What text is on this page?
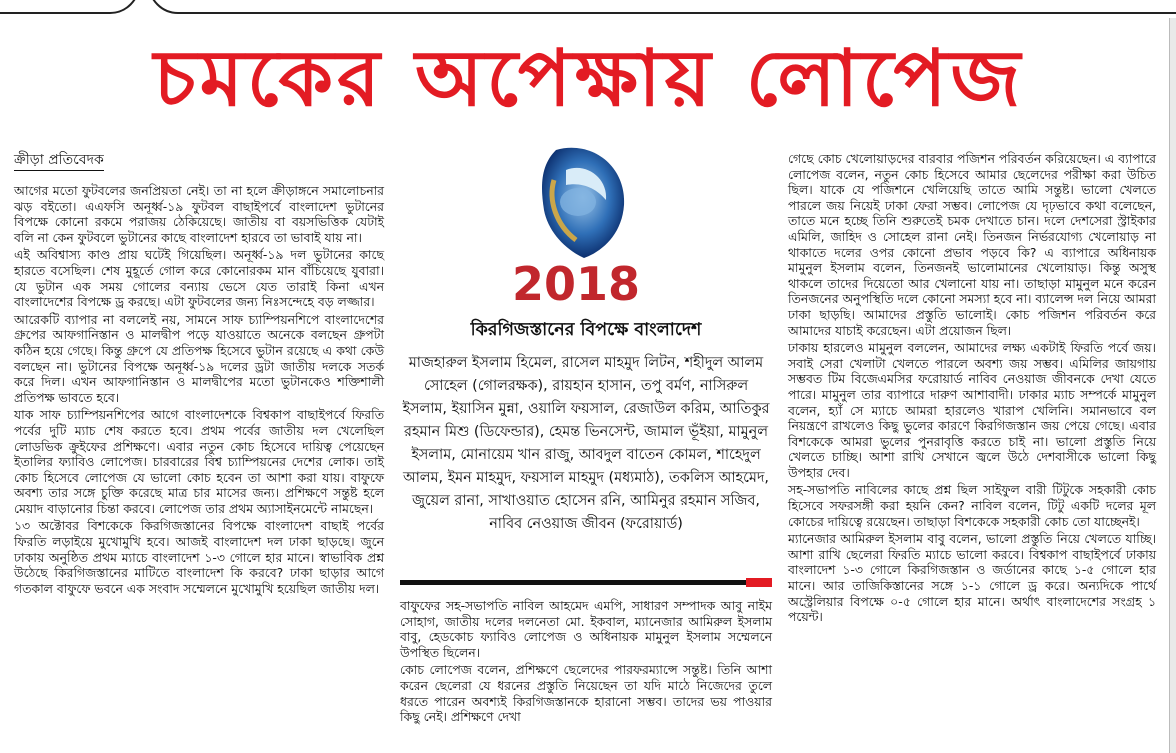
চমকের অপেক্ষায় লোপেজ
ক্রীড়া প্রতিবেদক

আগের মতো ফুটবলের জনপ্রিয়তা নেই। তা না হলে ক্রীড়াঙ্গনে সমালোচনার ঝড় বইতো। এএফসি অনূর্ধ্ব-১৯ ফুটবল বাছাইপর্বে বাংলাদেশ ভুটানের বিপক্ষে কোনো রকমে পরাজয় ঠেকিয়েছে। জাতীয় বা বয়সভিত্তিক যেটাই বলি না কেন ফুটবলে ভুটানের কাছে বাংলাদেশ হারবে তা ভাবাই যায় না।

এই অবিশ্বাস্য কাণ্ড প্রায় ঘটেই গিয়েছিল। অনূর্ধ্ব-১৯ দল ভুটানের কাছে হারতে বসেছিল। শেষ মুহূর্তে গোল করে কোনোরকম মান বাঁচিয়েছে যুবারা। যে ভুটান এক সময় গোলের বন্যায় ভেসে যেত তারাই কিনা এখন বাংলাদেশের বিপক্ষে ড্র করছে। এটা ফুটবলের জন্য নিঃসন্দেহে বড় লজ্জার।

আরেকটি ব্যাপার না বললেই নয়, সামনে সাফ চ্যাম্পিয়নশিপে বাংলাদেশের গ্রুপের আফগানিস্তান ও মালদ্বীপ পড়ে যাওয়াতে অনেকে বলছেন গ্রুপটা কঠিন হয়ে গেছে। কিন্তু গ্রুপে যে প্রতিপক্ষ হিসেবে ভুটান রয়েছে এ কথা কেউ বলছেন না। ভুটানের বিপক্ষে অনূর্ধ্ব-১৯ দলের ড্রটা জাতীয় দলকে সতর্ক করে দিল। এখন আফগানিস্তান ও মালদ্বীপের মতো ভুটানকেও শক্তিশালী প্রতিপক্ষ ভাবতে হবে।

যাক সাফ চ্যাম্পিয়নশিপের আগে বাংলাদেশকে বিশ্বকাপ বাছাইপর্বে ফিরতি পর্বের দুটি ম্যাচ শেষ করতে হবে। প্রথম পর্বের জাতীয় দল খেলেছিল লোডভিক ক্রুইফের প্রশিক্ষণে। এবার নতুন কোচ হিসেবে দায়িত্ব পেয়েছেন ইতালির ফ্যাবিও লোপেজ। চারবারের বিশ্ব চ্যাম্পিয়নের দেশের লোক। তাই কোচ হিসেবে লোপেজ যে ভালো কোচ হবেন তা আশা করা যায়। বাফুফে অবশ্য তার সঙ্গে চুক্তি করেছে মাত্র চার মাসের জন্য। প্রশিক্ষণে সন্তুষ্ট হলে মেয়াদ বাড়ানোর চিন্তা করবে। লোপেজ তার প্রথম অ্যাসাইনমেন্টে নামছেন।

১৩ অক্টোবর বিশকেকে কিরগিজস্তানের বিপক্ষে বাংলাদেশ বাছাই পর্বের ফিরতি লড়াইয়ে মুখোমুখি হবে। আজই বাংলাদেশ দল ঢাকা ছাড়ছে। জুনে ঢাকায় অনুষ্ঠিত প্রথম ম্যাচে বাংলাদেশ ১-৩ গোলে হার মানে। স্বাভাবিক প্রশ্ন উঠেছে কিরগিজস্তানের মাটিতে বাংলাদেশ কি করবে? ঢাকা ছাড়ার আগে গতকাল বাফুফে ভবনে এক সংবাদ সম্মেলনে মুখোমুখি হয়েছিল জাতীয় দল।

2018
কিরগিজস্তানের বিপক্ষে বাংলাদেশ
মাজহারুল ইসলাম হিমেল, রাসেল মাহমুদ লিটন, শহীদুল আলম সোহেল (গোলরক্ষক), রায়হান হাসান, তপু বর্মণ, নাসিরুল ইসলাম, ইয়াসিন মুন্না, ওয়ালি ফয়সাল, রেজাউল করিম, আতিকুর রহমান মিশু (ডিফেন্ডার), হেমন্ত ভিনসেন্ট, জামাল ভূঁইয়া, মামুনুল ইসলাম, মোনায়েম খান রাজু, আবদুল বাতেন কোমল, শাহেদুল আলম, ইমন মাহমুদ, ফয়সাল মাহমুদ (মধ্যমাঠ), তকলিস আহমেদ, জুয়েল রানা, সাখাওয়াত হোসেন রনি, আমিনুর রহমান সজিব, নাবিব নেওয়াজ জীবন (ফরোয়ার্ড)

বাফুফের সহ-সভাপতি নাবিল আহমেদ এমপি, সাধারণ সম্পাদক আবু নাইম সোহাগ, জাতীয় দলের দলনেতা মো. ইকবাল, ম্যানেজার আমিরুল ইসলাম বাবু, হেডকোচ ফ্যাবিও লোপেজ ও অধিনায়ক মামুনুল ইসলাম সম্মেলনে উপস্থিত ছিলেন।

কোচ লোপেজ বলেন, প্রশিক্ষণে ছেলেদের পারফরম্যান্সে সন্তুষ্ট। তিনি আশা করেন ছেলেরা যে ধরনের প্রস্তুতি নিয়েছেন তা যদি মাঠে নিজেদের তুলে ধরতে পারেন অবশ্যই কিরগিজস্তানকে হারানো সম্ভব। তাদের ভয় পাওয়ার কিছু নেই। প্রশিক্ষণে দেখা

গেছে কোচ খেলোয়াড়দের বারবার পজিশন পরিবর্তন করিয়েছেন। এ ব্যাপারে লোপেজ বলেন, নতুন কোচ হিসেবে আমার ছেলেদের পরীক্ষা করা উচিত ছিল। যাকে যে পজিশনে খেলিয়েছি তাতে আমি সন্তুষ্ট। ভালো খেলতে পারলে জয় নিয়েই ঢাকা ফেরা সম্ভব। লোপেজ যে দৃঢ়ভাবে কথা বলেছেন, তাতে মনে হচ্ছে তিনি শুরুতেই চমক দেখাতে চান। দলে দেশসেরা স্ট্রাইকার এমিলি, জাহিদ ও সোহেল রানা নেই। তিনজন নির্ভরযোগ্য খেলোয়াড় না থাকাতে দলের ওপর কোনো প্রভাব পড়বে কি? এ ব্যাপারে অধিনায়ক মামুনুল ইসলাম বলেন, তিনজনই ভালোমানের খেলোয়াড়। কিন্তু অসুস্থ থাকলে তাদের দিয়েতো আর খেলানো যায় না। তাছাড়া মামুনুল মনে করেন তিনজনের অনুপস্থিতি দলে কোনো সমস্যা হবে না। ব্যালেন্স দল নিয়ে আমরা ঢাকা ছাড়ছি। আমাদের প্রস্তুতি ভালোই। কোচ পজিশন পরিবর্তন করে আমাদের যাচাই করেছেন। এটা প্রয়োজন ছিল।

ঢাকায় হারলেও মামুনুল বললেন, আমাদের লক্ষ্য একটাই ফিরতি পর্বে জয়। সবাই সেরা খেলাটা খেলতে পারলে অবশ্য জয় সম্ভব। এমিলির জায়গায় সম্ভবত টিম বিজেএমসির ফরোয়ার্ড নাবিব নেওয়াজ জীবনকে দেখা যেতে পারে। মামুনুল তার ব্যাপারে দারুণ আশাবাদী। ঢাকার ম্যাচ সম্পর্কে মামুনুল বলেন, হ্যাঁ সে ম্যাচে আমরা হারলেও খারাপ খেলিনি। সমানভাবে বল নিয়ন্ত্রণে রাখলেও কিছু ভুলের কারণে কিরগিজস্তান জয় পেয়ে গেছে। এবার বিশকেকে আমরা ভুলের পুনরাবৃত্তি করতে চাই না। ভালো প্রস্তুতি নিয়ে খেলতে চাচ্ছি। আশা রাখি সেখানে জ্বলে উঠে দেশবাসীকে ভালো কিছু উপহার দেব।

সহ-সভাপতি নাবিলের কাছে প্রশ্ন ছিল সাইফুল বারী টিটুকে সহকারী কোচ হিসেবে সফরসঙ্গী করা হয়নি কেন? নাবিল বলেন, টিটু একটি দলের মূল কোচের দায়িত্বে রয়েছেন। তাছাড়া বিশকেকে সহকারী কোচ তো যাচ্ছেনই।

ম্যানেজার আমিরুল ইসলাম বাবু বলেন, ভালো প্রস্তুতি নিয়ে খেলতে যাচ্ছি। আশা রাখি ছেলেরা ফিরতি ম্যাচে ভালো করবে। বিশ্বকাপ বাছাইপর্বে ঢাকায় বাংলাদেশ ১-৩ গোলে কিরগিজস্তান ও জর্ডানের কাছে ১-৫ গোলে হার মানে। আর তাজিকিস্তানের সঙ্গে ১-১ গোলে ড্র করে। অন্যদিকে পার্থে অস্ট্রেলিয়ার বিপক্ষে ০-৫ গোলে হার মানে। অর্থাৎ বাংলাদেশের সংগ্রহ ১ পয়েন্ট।
